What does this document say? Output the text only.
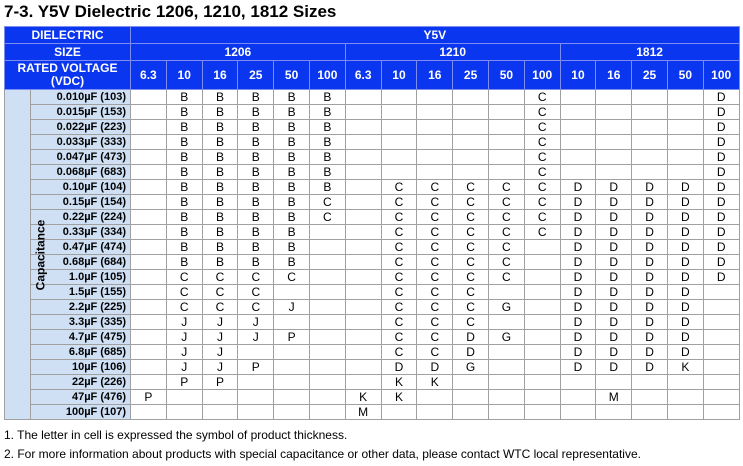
7-3. Y5V Dielectric 1206, 1210, 1812 Sizes
DIELECTRIC		Y5V																
SIZE		1206						1210						1812				
RATED VOLTAGE (VDC)		6.3	10	16	25	50	100	6.3	10	16	25	50	100	10	16	25	50	100
Capacitance	0.010µF (103)		B	B	B	B	B						C					D
	0.015µF (153)		B	B	B	B	B						C					D
	0.022µF (223)		B	B	B	B	B						C					D
	0.033µF (333)		B	B	B	B	B						C					D
	0.047µF (473)		B	B	B	B	B						C					D
	0.068µF (683)		B	B	B	B	B						C					D
	0.10µF (104)		B	B	B	B	B		C	C	C	C	C	D	D	D	D	D
	0.15µF (154)		B	B	B	B	C		C	C	C	C	C	D	D	D	D	D
	0.22µF (224)		B	B	B	B	C		C	C	C	C	C	D	D	D	D	D
	0.33µF (334)		B	B	B	B			C	C	C	C	C	D	D	D	D	D
	0.47µF (474)		B	B	B	B			C	C	C	C		D	D	D	D	D
	0.68µF (684)		B	B	B	B			C	C	C	C		D	D	D	D	D
	1.0µF (105)		C	C	C	C			C	C	C	C		D	D	D	D	D
	1.5µF (155)		C	C	C				C	C	C			D	D	D	D	
	2.2µF (225)		C	C	C	J			C	C	C	G		D	D	D	D	
	3.3µF (335)		J	J	J				C	C	C			D	D	D	D	
	4.7µF (475)		J	J	J	P			C	C	D	G		D	D	D	D	
	6.8µF (685)		J	J					C	C	D			D	D	D	D	
	10µF (106)		J	J	P				D	D	G			D	D	D	K	
	22µF (226)		P	P					K	K								
	47µF (476)	P						K	K						M			
	100µF (107)							M										
1. The letter in cell is expressed the symbol of product thickness.
2. For more information about products with special capacitance or other data, please contact WTC local representative.
